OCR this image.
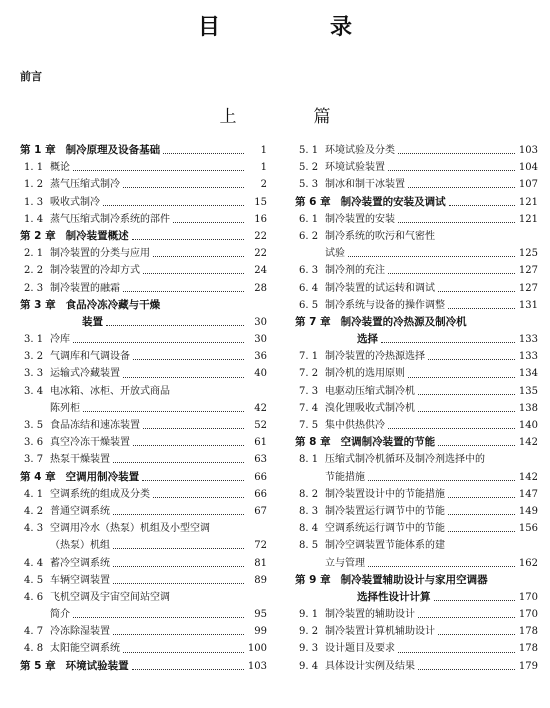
目　录
前言
上　篇
第 1 章 制冷原理及设备基础	1
1. 1 概论	1
1. 2 蒸气压缩式制冷	2
1. 3 吸收式制冷	15
1. 4 蒸气压缩式制冷系统的部件	16
第 2 章 制冷装置概述	22
2. 1 制冷装置的分类与应用	22
2. 2 制冷装置的冷却方式	24
2. 3 制冷装置的融霜	28
第 3 章 食品冷冻冷藏与干燥
装置	30
3. 1 冷库	30
3. 2 气调库和气调设备	36
3. 3 运输式冷藏装置	40
3. 4 电冰箱、冰柜、开放式商品
陈列柜	42
3. 5 食品冻结和速冻装置	52
3. 6 真空冷冻干燥装置	61
3. 7 热泵干燥装置	63
第 4 章 空调用制冷装置	66
4. 1 空调系统的组成及分类	66
4. 2 普通空调系统	67
4. 3 空调用冷水（热泵）机组及小型空调
（热泵）机组	72
4. 4 蓄冷空调系统	81
4. 5 车辆空调装置	89
4. 6 飞机空调及宇宙空间站空调
简介	95
4. 7 冷冻除湿装置	99
4. 8 太阳能空调系统	100
第 5 章 环境试验装置	103
5. 1 环境试验及分类	103
5. 2 环境试验装置	104
5. 3 制冰和制干冰装置	107
第 6 章 制冷装置的安装及调试	121
6. 1 制冷装置的安装	121
6. 2 制冷系统的吹污和气密性
试验	125
6. 3 制冷剂的充注	127
6. 4 制冷装置的试运转和调试	127
6. 5 制冷系统与设备的操作调整	131
第 7 章 制冷装置的冷热源及制冷机
选择	133
7. 1 制冷装置的冷热源选择	133
7. 2 制冷机的选用原则	134
7. 3 电驱动压缩式制冷机	135
7. 4 溴化锂吸收式制冷机	138
7. 5 集中供热供冷	140
第 8 章 空调制冷装置的节能	142
8. 1 压缩式制冷机循环及制冷剂选择中的
节能措施	142
8. 2 制冷装置设计中的节能措施	147
8. 3 制冷装置运行调节中的节能	149
8. 4 空调系统运行调节中的节能	156
8. 5 制冷空调装置节能体系的建
立与管理	162
第 9 章 制冷装置辅助设计与家用空调器
选择性设计计算	170
9. 1 制冷装置的辅助设计	170
9. 2 制冷装置计算机辅助设计	178
9. 3 设计题目及要求	178
9. 4 具体设计实例及结果	179
